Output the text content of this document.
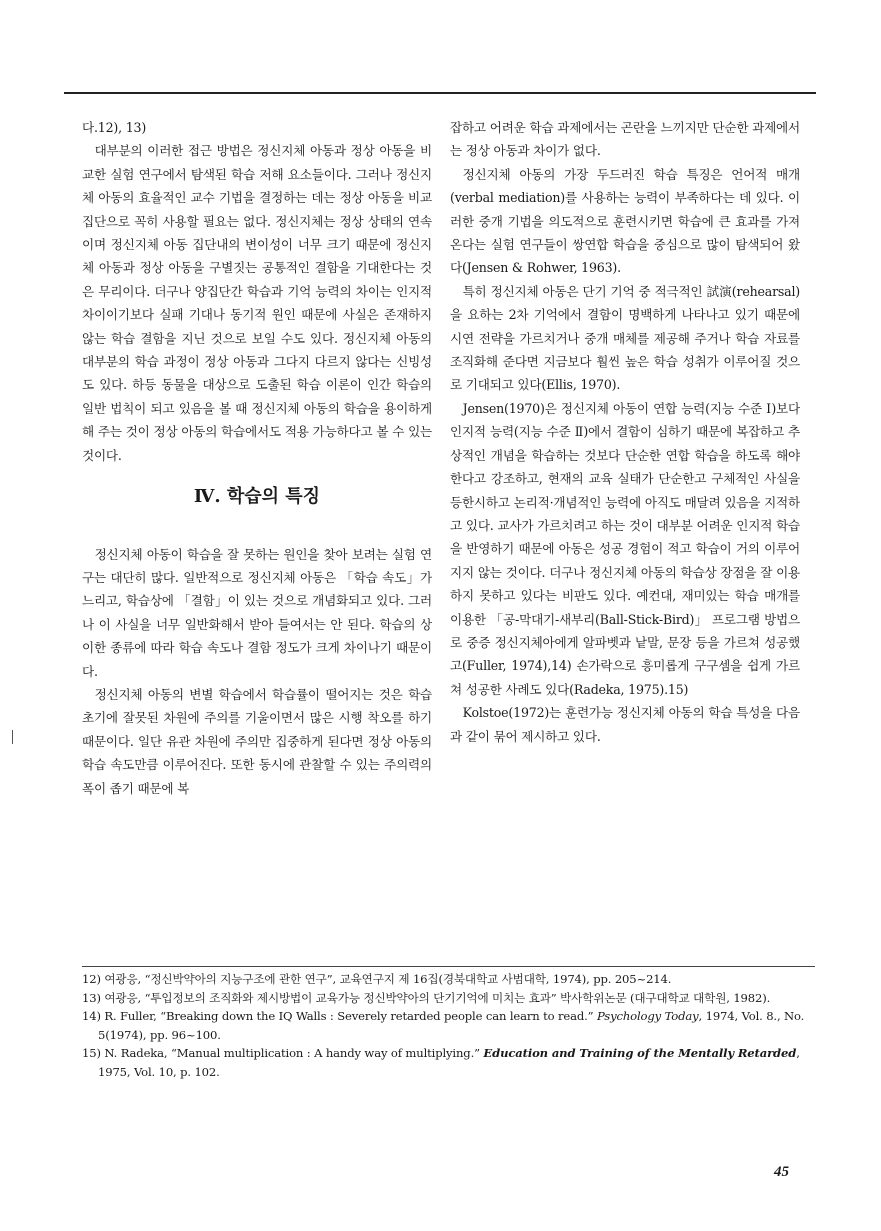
다.12), 13)

대부분의 이러한 접근 방법은 정신지체 아동과 정상 아동을 비교한 실험 연구에서 탐색된 학습 저해 요소들이다. 그러나 정신지체 아동의 효율적인 교수 기법을 결정하는 데는 정상 아동을 비교 집단으로 꼭히 사용할 필요는 없다. 정신지체는 정상 상태의 연속이며 정신지체 아동 집단내의 변이성이 너무 크기 때문에 정신지체 아동과 정상 아동을 구별짓는 공통적인 결함을 기대한다는 것은 무리이다. 더구나 양집단간 학습과 기억 능력의 차이는 인지적 차이이기보다 실패 기대나 동기적 원인 때문에 사실은 존재하지 않는 학습 결함을 지닌 것으로 보일 수도 있다. 정신지체 아동의 대부분의 학습 과정이 정상 아동과 그다지 다르지 않다는 신빙성도 있다. 하등 동물을 대상으로 도출된 학습 이론이 인간 학습의 일반 법칙이 되고 있음을 볼 때 정신지체 아동의 학습을 용이하게 해 주는 것이 정상 아동의 학습에서도 적용 가능하다고 볼 수 있는 것이다.

Ⅳ. 학습의 특징

정신지체 아동이 학습을 잘 못하는 원인을 찾아 보려는 실험 연구는 대단히 많다. 일반적으로 정신지체 아동은 「학습 속도」가 느리고, 학습상에 「결함」이 있는 것으로 개념화되고 있다. 그러나 이 사실을 너무 일반화해서 받아 들여서는 안 된다. 학습의 상이한 종류에 따라 학습 속도나 결함 정도가 크게 차이나기 때문이다.

정신지체 아동의 변별 학습에서 학습률이 떨어지는 것은 학습 초기에 잘못된 차원에 주의를 기울이면서 많은 시행 착오를 하기 때문이다. 일단 유관 차원에 주의만 집중하게 된다면 정상 아동의 학습 속도만큼 이루어진다. 또한 동시에 관찰할 수 있는 주의력의 폭이 좁기 때문에 복

잡하고 어려운 학습 과제에서는 곤란을 느끼지만 단순한 과제에서는 정상 아동과 차이가 없다.

정신지체 아동의 가장 두드러진 학습 특징은 언어적 매개(verbal mediation)를 사용하는 능력이 부족하다는 데 있다. 이러한 중개 기법을 의도적으로 훈련시키면 학습에 큰 효과를 가져온다는 실험 연구들이 쌍연합 학습을 중심으로 많이 탐색되어 왔다(Jensen & Rohwer, 1963).

특히 정신지체 아동은 단기 기억 중 적극적인 試演(rehearsal)을 요하는 2차 기억에서 결함이 명백하게 나타나고 있기 때문에 시연 전략을 가르치거나 중개 매체를 제공해 주거나 학습 자료를 조직화해 준다면 지금보다 훨씬 높은 학습 성취가 이루어질 것으로 기대되고 있다(Ellis, 1970).

Jensen(1970)은 정신지체 아동이 연합 능력(지능 수준 Ⅰ)보다 인지적 능력(지능 수준 Ⅱ)에서 결함이 심하기 때문에 복잡하고 추상적인 개념을 학습하는 것보다 단순한 연합 학습을 하도록 해야 한다고 강조하고, 현재의 교육 실태가 단순한고 구체적인 사실을 등한시하고 논리적·개념적인 능력에 아직도 매달려 있음을 지적하고 있다. 교사가 가르치려고 하는 것이 대부분 어려운 인지적 학습을 반영하기 때문에 아동은 성공 경험이 적고 학습이 거의 이루어지지 않는 것이다. 더구나 정신지체 아동의 학습상 장점을 잘 이용하지 못하고 있다는 비판도 있다. 예컨대, 재미있는 학습 매개를 이용한 「공-막대기-새부리(Ball-Stick-Bird)」 프로그램 방법으로 중증 정신지체아에게 알파벳과 낱말, 문장 등을 가르쳐 성공했고(Fuller, 1974),14) 손가락으로 흥미롭게 구구셈을 쉽게 가르쳐 성공한 사례도 있다(Radeka, 1975).15)

Kolstoe(1972)는 훈련가능 정신지체 아동의 학습 특성을 다음과 같이 묶어 제시하고 있다.

12) 여광응, “정신박약아의 지능구조에 관한 연구”, 교육연구지 제 16집(경북대학교 사범대학, 1974), pp. 205~214.

13) 여광응, “투입정보의 조직화와 제시방법이 교육가능 정신박약아의 단기기억에 미치는 효과” 박사학위논문 (대구대학교 대학원, 1982).

14) R. Fuller, “Breaking down the IQ Walls : Severely retarded people can learn to read.” Psychology Today, 1974, Vol. 8., No. 5(1974), pp. 96~100.

15) N. Radeka, “Manual multiplication : A handy way of multiplying.” Education and Training of the Mentally Retarded, 1975, Vol. 10, p. 102.

45
